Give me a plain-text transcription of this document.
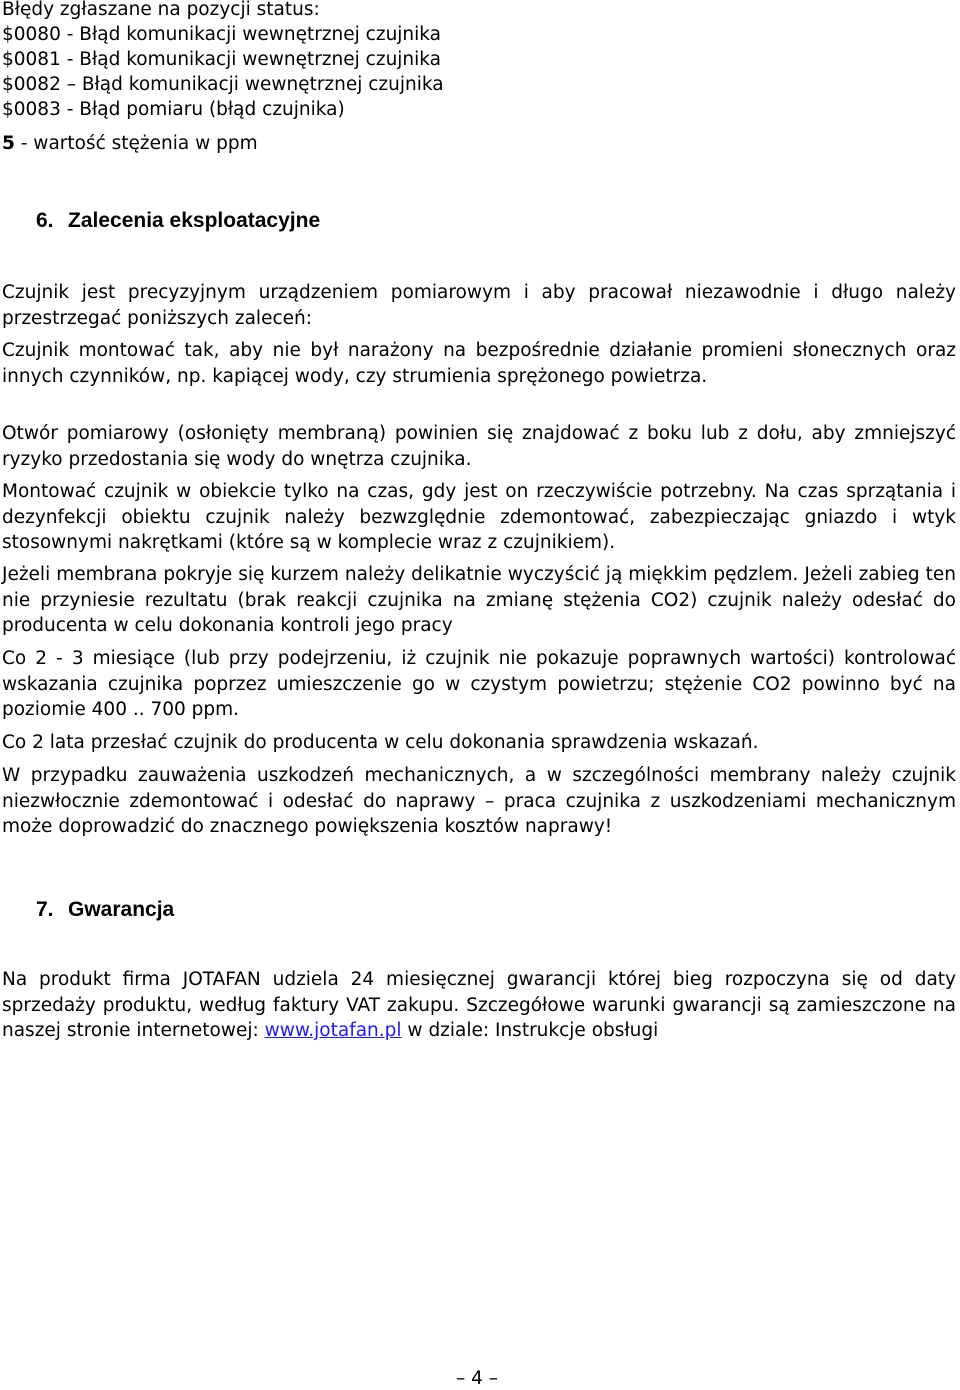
Błędy zgłaszane na pozycji status:
$0080 - Błąd komunikacji wewnętrznej czujnika
$0081 - Błąd komunikacji wewnętrznej czujnika
$0082 – Błąd komunikacji wewnętrznej czujnika
$0083 - Błąd pomiaru (błąd czujnika)
5 - wartość stężenia w ppm
6. Zalecenia eksploatacyjne
Czujnik jest precyzyjnym urządzeniem pomiarowym i aby pracował niezawodnie i długo należy przestrzegać poniższych zaleceń:
Czujnik montować tak, aby nie był narażony na bezpośrednie działanie promieni słonecznych oraz innych czynników, np. kapiącej wody, czy strumienia sprężonego powietrza.
Otwór pomiarowy (osłonięty membraną) powinien się znajdować z boku lub z dołu, aby zmniejszyć ryzyko przedostania się wody do wnętrza czujnika.
Montować czujnik w obiekcie tylko na czas, gdy jest on rzeczywiście potrzebny. Na czas sprzątania i dezynfekcji obiektu czujnik należy bezwzględnie zdemontować, zabezpieczając gniazdo i wtyk stosownymi nakrętkami (które są w komplecie wraz z czujnikiem).
Jeżeli membrana pokryje się kurzem należy delikatnie wyczyścić ją miękkim pędzlem. Jeżeli zabieg ten nie przyniesie rezultatu (brak reakcji czujnika na zmianę stężenia CO2) czujnik należy odesłać do producenta w celu dokonania kontroli jego pracy
Co 2 - 3 miesiące (lub przy podejrzeniu, iż czujnik nie pokazuje poprawnych wartości) kontrolować wskazania czujnika poprzez umieszczenie go w czystym powietrzu; stężenie CO2 powinno być na poziomie 400 .. 700 ppm.
Co 2 lata przesłać czujnik do producenta w celu dokonania sprawdzenia wskazań.
W przypadku zauważenia uszkodzeń mechanicznych, a w szczególności membrany należy czujnik niezwłocznie zdemontować i odesłać do naprawy – praca czujnika z uszkodzeniami mechanicznym może doprowadzić do znacznego powiększenia kosztów naprawy!
7. Gwarancja
Na produkt firma JOTAFAN udziela 24 miesięcznej gwarancji której bieg rozpoczyna się od daty sprzedaży produktu, według faktury VAT zakupu. Szczegółowe warunki gwarancji są zamieszczone na naszej stronie internetowej: www.jotafan.pl w dziale: Instrukcje obsługi
– 4 –
